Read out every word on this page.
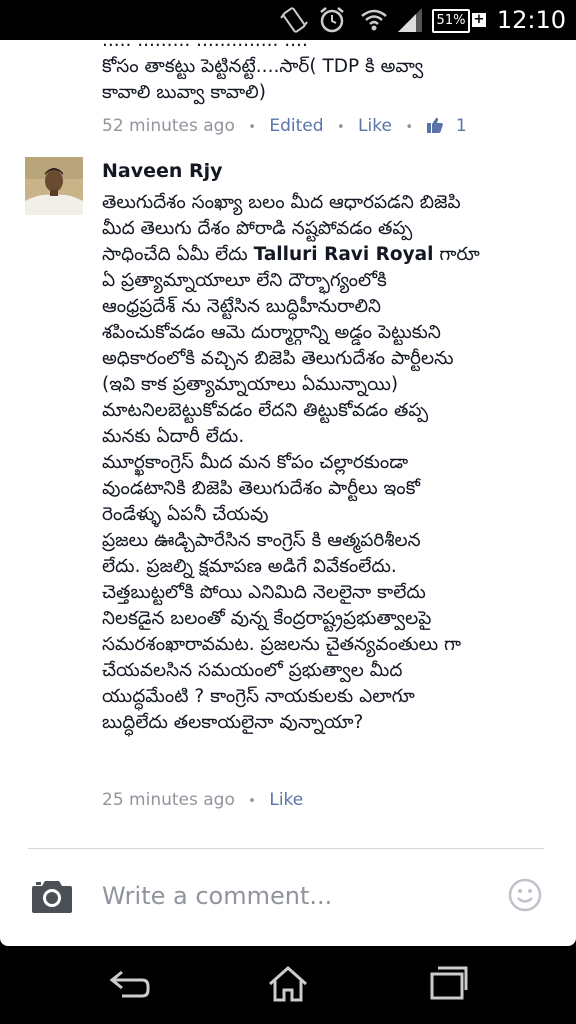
51% + 12:10
..... ......... .............. ....
కోసం తాకట్టు పెట్టినట్టే....సార్( TDP కి అవ్వా
కావాలి బువ్వా కావాలి)
52 minutes ago • Edited • Like •	1
Naveen Rjy
తెలుగుదేశం సంఖ్యా బలం మీద ఆధారపడని బిజెపి
మీద తెలుగు దేశం పోరాడి నష్టపోవడం తప్ప
సాధించేది ఏమీ లేదు Talluri Ravi Royal గారూ
ఏ ప్రత్యామ్నాయాలూ లేని దౌర్భాగ్యంలోకి
ఆంధ్రప్రదేశ్ ను నెట్టేసిన బుద్ధిహీనురాలిని
శపించుకోవడం ఆమె దుర్మార్గాన్ని అడ్డం పెట్టుకుని
అధికారంలోకి వచ్చిన బిజెపి తెలుగుదేశం పార్టీలను
(ఇవి కాక ప్రత్యామ్నాయాలు ఏమున్నాయి)
మాటనిలబెట్టుకోవడం లేదని తిట్టుకోవడం తప్ప
మనకు ఏదారీ లేదు.
మూర్ఖకాంగ్రెస్ మీద మన కోపం చల్లారకుండా
వుండటానికి బిజెపి తెలుగుదేశం పార్టీలు ఇంకో
రెండేళ్ళు ఏపనీ చేయవు
ప్రజలు ఊడ్చిపారేసిన కాంగ్రెస్ కి ఆత్మపరిశీలన
లేదు. ప్రజల్ని క్షమాపణ అడిగే వివేకంలేదు.
చెత్తబుట్టలోకి పోయి ఎనిమిది నెలలైనా కాలేదు
నిలకడైన బలంతో వున్న కేంద్రరాష్ట్రప్రభుత్వాలపై
సమరశంఖారావమట. ప్రజలను చైతన్యవంతులు గా
చేయవలసిన సమయంలో ప్రభుత్వాల మీద
యుద్ధమేంటి ? కాంగ్రెస్ నాయకులకు ఎలాగూ
బుద్ధిలేదు తలకాయలైనా వున్నాయా?
25 minutes ago • Like
Write a comment...
